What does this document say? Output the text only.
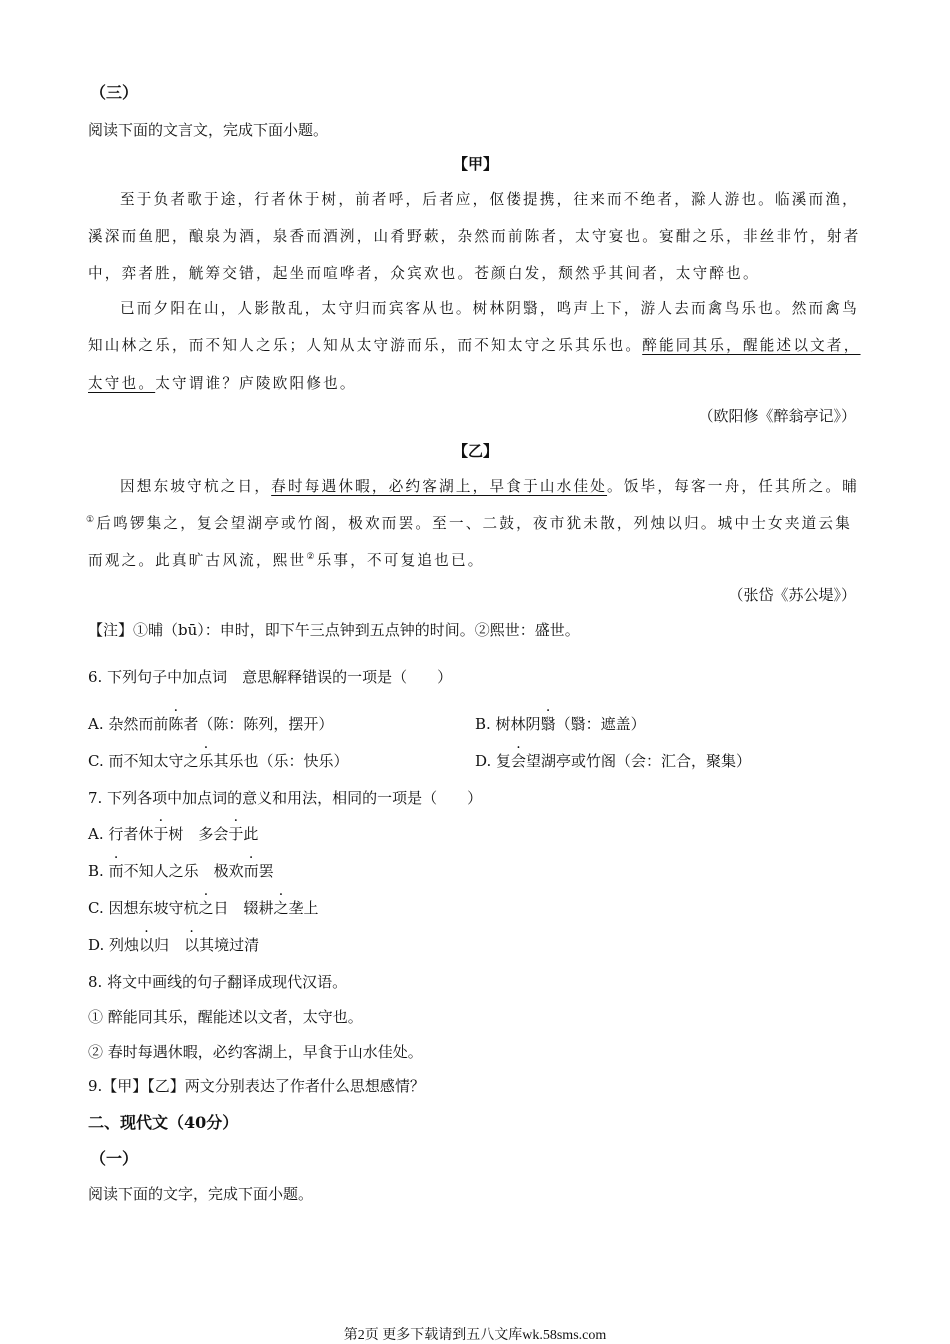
（三）
阅读下面的文言文，完成下面小题。
【甲】
至于负者歌于途，行者休于树，前者呼，后者应，伛偻提携，往来而不绝者，滁人游也。临溪而渔，
溪深而鱼肥，酿泉为酒，泉香而酒洌，山肴野蔌，杂然而前陈者，太守宴也。宴酣之乐，非丝非竹，射者
中，弈者胜，觥筹交错，起坐而喧哗者，众宾欢也。苍颜白发，颓然乎其间者，太守醉也。
已而夕阳在山，人影散乱，太守归而宾客从也。树林阴翳，鸣声上下，游人去而禽鸟乐也。然而禽鸟
知山林之乐，而不知人之乐；人知从太守游而乐，而不知太守之乐其乐也。醉能同其乐，醒能述以文者，
太守也。太守谓谁？庐陵欧阳修也。
（欧阳修《醉翁亭记》）
【乙】
因想东坡守杭之日，春时每遇休暇，必约客湖上，早食于山水佳处。饭毕，每客一舟，任其所之。晡
①后鸣锣集之，复会望湖亭或竹阁，极欢而罢。至一、二鼓，夜市犹未散，列烛以归。城中士女夹道云集
而观之。此真旷古风流，熙世②乐事，不可复追也已。
（张岱《苏公堤》）
【注】①晡（bū）：申时，即下午三点钟到五点钟的时间。②熙世：盛世。
6. 下列句子中加点词　意思解释错误的一项是（　　）
A. 杂然而前陈者（陈：陈列，摆开）	B. 树林阴翳（翳：遮盖）
C. 而不知太守之乐其乐也（乐：快乐）	D. 复会望湖亭或竹阁（会：汇合，聚集）
7. 下列各项中加点词的意义和用法，相同的一项是（　　）
A. 行者休于树　多会于此
B. 而不知人之乐　极欢而罢
C. 因想东坡守杭之日　辍耕之垄上
D. 列烛以归　以其境过清
8. 将文中画线的句子翻译成现代汉语。
① 醉能同其乐，醒能述以文者，太守也。
② 春时每遇休暇，必约客湖上，早食于山水佳处。
9.【甲】【乙】两文分别表达了作者什么思想感情？
二、现代文（40分）
（一）
阅读下面的文字，完成下面小题。
第2页 更多下载请到五八文库wk.58sms.com
